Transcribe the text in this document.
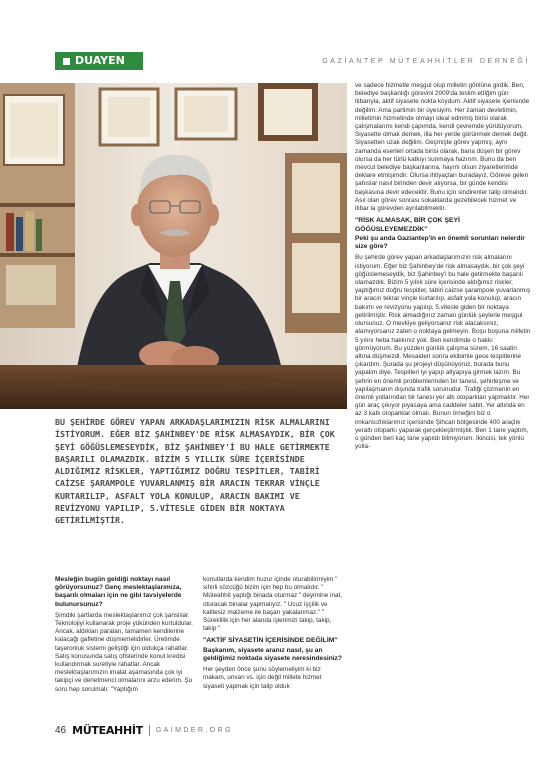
DUAYEN	GAZİANTEP MÜTEAHHİTLER DERNEĞİ

ve sadece hizmetle meşgul olup milletin gönlüne girdik. Ben, belediye başkanlığı görevini 2009'da teslim ettiğim gün itibarıyla, aktif siyasete nokta koydum. Aktif siyasete içerisinde değilim. Ama partimin bir üyesiyim. Her zaman devletimin, milletimin hizmetinde olmayı ideal edinmiş birisi olarak çalışmalarımı kendi çapımda, kendi çevremde yürütüyorum. Siyasette olmak demek, illa her yerde görünmek demek değil. Siyasetten uzak değilim. Geçmişte görev yapmış; aynı zamanda eserleri ortada birisi olarak, bana düşen bir görev olursa da her türlü katkıyı sunmaya hazırım. Bunu da ben mevcut belediye başkanlarına, hayırlı olsun ziyaretlerimde deklare etmişimdir. Olursa ihtiyaçları buradayız. Göreve gelen şahıslar nasıl birinden devir alıyorsa, bir günde kendisi başkasına devir edecektir. Bunu için sindirenler talip olmalıdır. Asıl olan görev sonrası sokaklarda gezebilecek hizmet ve itibar la görevden ayrılabilmektir.

"RİSK ALMASAK, BİR ÇOK ŞEYİ GÖĞÜSLEYEMEZDİK"

Peki şu anda Gaziantep'in en önemli sorunları nelerdir size göre?

Bu şehirde görev yapan arkadaşlarımızın risk almalarını istiyorum. Eğer biz Şahinbey'de risk almasaydık, bir çok şeyi göğüslemeseydik, biz Şahinbey'i bu hale getirmekte başarılı olamazdık. Bizim 5 yıllık süre içerisinde aldığımız riskler, yaptığımız doğru tespitler, tabiri caizse şarampole yuvarlanmış bir aracın tekrar vinçle kurtarılıp, asfalt yola konulup, aracın bakımı ve revizyonu yapılıp, 5.vitesle giden bir noktaya getirilmiştir. Risk almadığınız zaman günlük şeylerle meşgul olursunuz. O mevkiye geliyorsanız risk alacaksınız, alamıyorsanız zaten o noktaya gelmeyin. Boşu boşuna milletin 5 yılını heba hakkınız yok. Ben kendimde o hakkı görmüyorum. Bu yüzden günlük çalışma sürem, 16 saatin altına düşmezdi. Mesaiden sonra ekibimle gece tespitlerine çıkardım. Şurada şu projeyi düşünüyoruz, burada bunu yapalım diye. Tespitleri iyi yapıp altyapıya girmek lazım. Bu şehrin en önemli problemlerinden bir tanesi, şehirleşme ve yapılaşmanın dışında trafik sorunudur. Trafiği çözmenin en önemli yollarından bir tanesi yer altı otoparkları yapmaktır. Her gün araç çıkıyor piyasaya ama caddeler sabit. Yer altında en az 3 katlı otoparklar olmalı. Bunun örneğini biz o imkansızlıklarımız içerisinde Şihcan bölgesinde 400 araçlık yeraltı otoparkı yaparak gerçekleştirmiştik. Ben 1 tane yaptım, o günden beri kaç tane yapıldı bilmiyorum. İkincisi, tek yönlü yolla-

BU ŞEHİRDE GÖREV YAPAN ARKADAŞLARIMIZIN RİSK ALMALARINI İSTİYORUM. EĞER BİZ ŞAHİNBEY'DE RİSK ALMASAYDIK, BİR ÇOK ŞEYİ GÖĞÜSLEMESEYDİK, BİZ ŞAHİNBEY'İ BU HALE GETİRMEKTE BAŞARILI OLAMAZDIK. BİZİM 5 YILLIK SÜRE İÇERİSİNDE ALDIĞIMIZ RİSKLER, YAPTIĞIMIZ DOĞRU TESPİTLER, TABİRİ CAİZSE ŞARAMPOLE YUVARLANMIŞ BİR ARACIN TEKRAR VİNÇLE KURTARILIP, ASFALT YOLA KONULUP, ARACIN BAKIMI VE REVİZYONU YAPILIP, 5.VİTESLE GİDEN BİR NOKTAYA GETİRİLMİŞTİR.

Mesleğin bugün geldiği noktayı nasıl görüyorsunuz? Genç meslektaşlarımıza, başarılı olmaları için ne gibi tavsiyelerde bulunursunuz?

Şimdiki şartlarda meslektaşlarımız çok şanslılar. Teknolojiyi kullanarak proje yükünden kurtuldular. Ancak, aldıkları paraları, tamamen kendilerine kalacağı gafletine düşmemelidirler. Üretimde taşeronluk sistemi geliştiği için oldukça rahatlar. Satış konusunda satış ofislerinde konut kredisi kullandırmak suretiyle rahatlar. Ancak meslektaşlarımızın imalat aşamasında çok iyi takipçi ve denetmenci olmalarını arzu ederim. Şu soru hep sorulmalı: "Yaptığım

konutlarda kendim huzur içinde oturabilirmiyim " sihirli sözcüğü bizim için hep bu olmalıdır. " Müteahhit yaptığı binada oturmaz " deyimine inat, oturacak binalar yapmalıyız. " Ucuz işçilik ve kalitesiz malzeme ile başarı yakalanmaz." " Süreklilik için her alanda işlerimizi takip, takip, takip "

"AKTİF SİYASETİN İÇERİSİNDE DEĞİLİM"

Başkanım, siyasete aranız nasıl, şu an geldiğimiz noktada siyasete neresindesiniz?

Her şeyden önce şunu söylemeliyim ki biz makam, unvan vs. için değil millete hizmet siyaseti yapmak için talip olduk

46 MÜTEAHHİT GAIMDER.ORG
